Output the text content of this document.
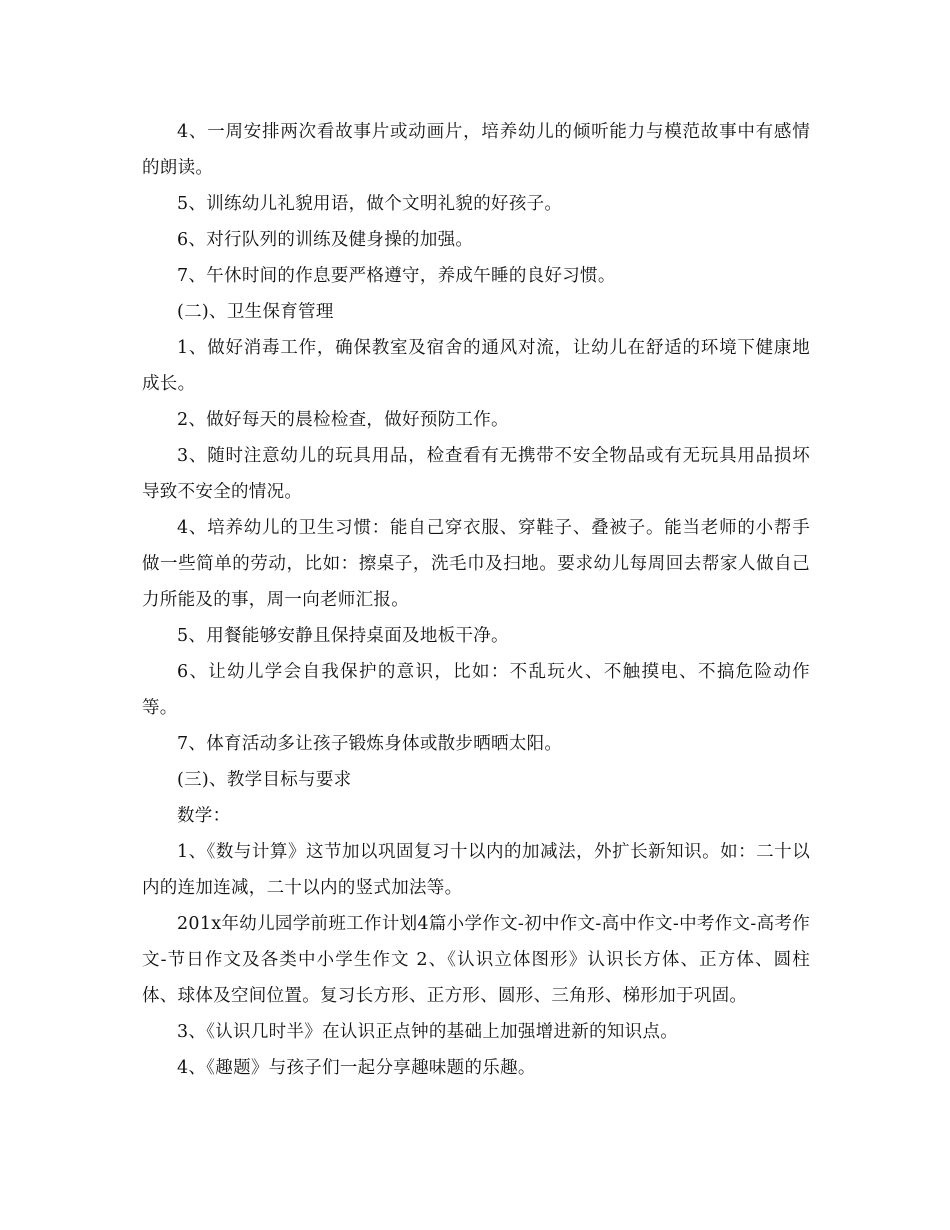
4、一周安排两次看故事片或动画片，培养幼儿的倾听能力与模范故事中有感情的朗读。

5、训练幼儿礼貌用语，做个文明礼貌的好孩子。

6、对行队列的训练及健身操的加强。

7、午休时间的作息要严格遵守，养成午睡的良好习惯。

(二)、卫生保育管理

1、做好消毒工作，确保教室及宿舍的通风对流，让幼儿在舒适的环境下健康地成长。

2、做好每天的晨检检查，做好预防工作。

3、随时注意幼儿的玩具用品，检查看有无携带不安全物品或有无玩具用品损坏导致不安全的情况。

4、培养幼儿的卫生习惯：能自己穿衣服、穿鞋子、叠被子。能当老师的小帮手做一些简单的劳动，比如：擦桌子，洗毛巾及扫地。要求幼儿每周回去帮家人做自己力所能及的事，周一向老师汇报。

5、用餐能够安静且保持桌面及地板干净。

6、让幼儿学会自我保护的意识，比如：不乱玩火、不触摸电、不搞危险动作等。

7、体育活动多让孩子锻炼身体或散步晒晒太阳。

(三)、教学目标与要求

数学：

1、《数与计算》这节加以巩固复习十以内的加减法，外扩长新知识。如：二十以内的连加连减，二十以内的竖式加法等。

201x年幼儿园学前班工作计划4篇小学作文-初中作文-高中作文-中考作文-高考作文-节日作文及各类中小学生作文 2、《认识立体图形》认识长方体、正方体、圆柱体、球体及空间位置。复习长方形、正方形、圆形、三角形、梯形加于巩固。

3、《认识几时半》在认识正点钟的基础上加强增进新的知识点。

4、《趣题》与孩子们一起分享趣味题的乐趣。
